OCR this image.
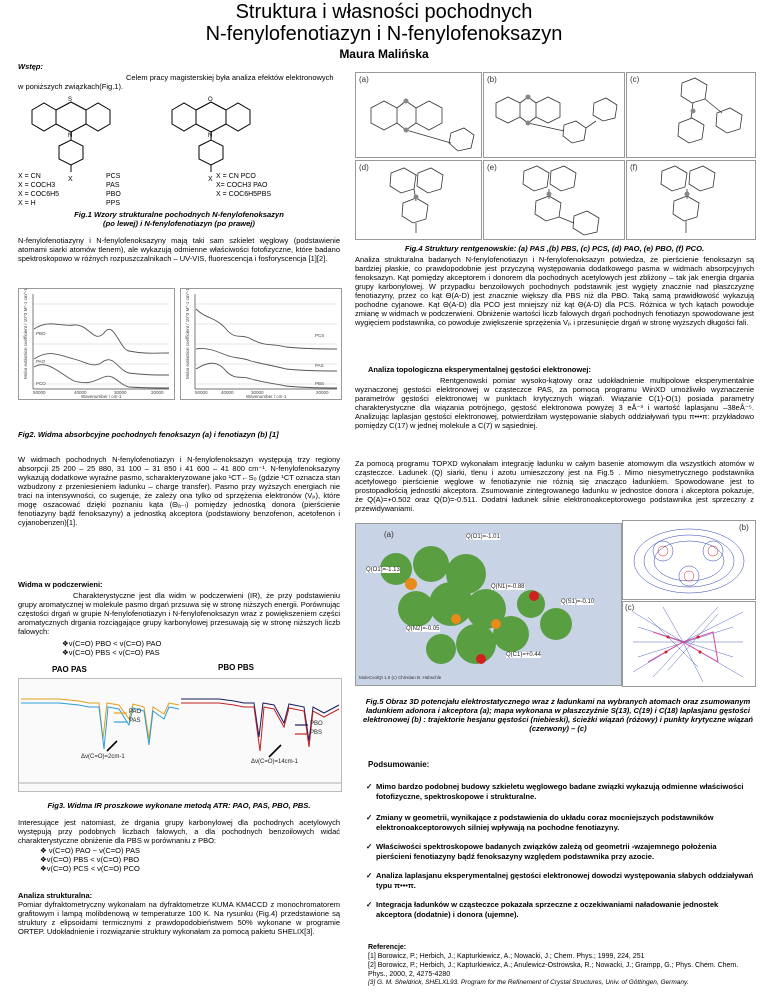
Struktura i własności pochodnych
N-fenylofenotiazyn i N-fenylofenoksazyn
Maura Malińska
Wstęp:
Celem pracy magisterskiej była analiza efektów elektronowych w poniższych związkach(Fig.1).
S
N
O
N
X	X
X = CN
X = COCH3
X = COC6H5
X = H
PCS
PAS
PBO
PPS
X = CN PCO
X= COCH3 PAO
X = COC6H5PBS
Fig.1 Wzory strukturalne pochodnych N-fenylofenoksazyn
(po lewej) i N-fenylofenotiazyn (po prawej)
N-fenylofenotiazyny i N-fenylofenoksazyny mają taki sam szkielet węglowy (podstawienie atomami siarki atomów tlenem), ale wykazują odmienne właściwości fotofizyczne, które badano spektroskopowo w różnych rozpuszczalnikach – UV-VIS, fluorescencja i fosforyscencja [1][2].
PBO
PAO
PCO
50000	40000	30000	20000
Wavenumber / cm-1
Molar extinction coefficient / 10^3 M^-1 cm^-1	PCS
PAS
PBS
50000	40000	30000	20000
Wavenumber / cm-1
Molar extinction coefficient / 10^3 M^-1 cm^-1
Fig2. Widma absorbcyjne pochodnych fenoksazyn (a) i fenotiazyn (b) [1]
W widmach pochodnych N-fenylofenotiazyn i N-fenylofenoksazyn występują trzy regiony absorpcji 25 200 – 25 880, 31 100 – 31 850 i 41 600 – 41 800 cm⁻¹. N-fenylofenoksazyny wykazują dodatkowe wyraźne pasmo, scharakteryzowane jako ¹CT←S₀ (gdzie ¹CT oznacza stan wzbudzony z przeniesieniem ładunku – charge transfer). Pasmo przy wyższych energiach nie traci na intensywności, co sugeruje, że zależy ona tylko od sprzężenia elektronów (Vₚ), które mogę oszacować dzięki poznaniu kąta (Θₐ₋ₗ) pomiędzy jednostką donora (pierścienie fenotiazyny bądź fenoksazyny) a jednostką akceptora (podstawiony benzofenon, acetofenon i cyjanobenzen)[1].
Widma w podczerwieni:
Charakterystyczne jest dla widm w podczerwieni (IR), że przy podstawieniu grupy aromatycznej w molekule pasmo drgań przsuwa się w stronę niższych energii. Porównując częstości drgań w grupie N-fenylofenotiazyn i N-fenylofenoksazyn wraz z powiększeniem części aromatycznych drgania rozciągające grupy karbonylowej przesuwają się w stronę niższych liczb falowych:
❖ν(C=O) PBO < ν(C=O) PAO
❖ν(C=O) PBS < ν(C=O) PAS
PAO PAS	PBO PBS
PAO
PAS	PBO
PBS
Δν(C=O)=2cm-1
Δν(C=O)=14cm-1
Fig3. Widma IR proszkowe wykonane metodą ATR: PAO, PAS, PBO, PBS.
Interesujące jest natomiast, że drgania grupy karbonylowej dla pochodnych acetylowych występują przy podobnych liczbach falowych, a dla pochodnych benzoilowych widać charakterystyczne obniżenie dla PBS w porównaniu z PBO:
❖ ν(C=O) PAO ~ ν(C=O) PAS
❖ν(C=O) PBS < ν(C=O) PBO
❖ν(C=O) PCS < ν(C=O) PCO
Analiza strukturalna:
Pomiar dyfraktometryczny wykonałam na dyfraktometrze KUMA KM4CCD z monochromatorem grafitowym i lampą molibdenową w temperaturze 100 K. Na rysunku (Fig.4) przedstawione są struktury z elipsoidami termicznymi z prawdopodobieństwem 50% wykonane w programie ORTEP. Udokładnienie i rozwiązanie struktury wykonałam za pomocą pakietu SHELIX[3].
(a)	(b)	(c)
(d)	(e)	(f)
Fig.4 Struktury rentgenowskie: (a) PAS ,(b) PBS, (c) PCS, (d) PAO, (e) PBO, (f) PCO.
Analiza strukturalna badanych N-fenylofenotiazyn i N-fenylofenoksazyn potwiedza, że pierścienie fenoksazyn są bardziej płaskie, co prawdopodobnie jest przyczyną występowania dodatkowego pasma w widmach absorpcyjnych fenoksazyn. Kąt pomiędzy akceptorem i donorem dla pochodnych acetylowych jest zbliżony – tak jak energia drgania grupy karbonylowej. W przypadku benzoilowych pochodnych podstawnik jest wygięty znacznie nad płaszczyznę fenotiazyny, przez co kąt Θ(A-D) jest znacznie większy dla PBS niż dla PBO. Taką samą prawidłowość wykazują pochodne cyjanowe. Kąt Θ(A-D) dla PCO jest mniejszy niż kąt Θ(A-D) dla PCS. Różnica w tych kątach powoduje zmianę w widmach w podczerwieni. Obniżenie wartości liczb falowych drgań pochodnych fenotiazyn spowodowane jest wygięciem podstawnika, co powoduje zwiększenie sprzężenia Vₚ i przesunięcie drgań w stronę wyższych długości fali.
Analiza topologiczna eksperymentalnej gęstości elektronowej:
Rentgenowski pomiar wysoko-kątowy oraz udokładnienie multipolowe eksperymentalnie wyznaczonej gęstości elektronowej w cząsteczce PAS, za pomocą programu WinXD umożliwiło wyznaczenie parametrów gęstości elektronowej w punktach krytycznych wiązań. Wiązanie C(1)-O(1) posiada parametry charakterystyczne dla wiązania potrójnego, gęstość elektronowa powyżej 3 eÅ⁻³ i wartość laplasjanu –38eÅ⁻⁵. Analizując laplasjan gęstości elektronowej, potwierdziłam występowanie słabych oddziaływań typu π•••π: przykładowo pomiędzy C(17) w jednej molekule a C(7) w sąsiedniej.
Za pomocą programu TOPXD wykonałam integrację ładunku w całym basenie atomowym dla wszystkich atomów w cząsteczce. Ładunek (Q) siarki, tlenu i azotu umieszczony jest na Fig.5 . Mimo niesymetrycznego podstawnika acetylowego pierścienie węglowe w fenotiazynie nie różnią się znacząco ładunkiem. Spowodowane jest to prostopadłością jednostki akceptora. Zsumowanie zintegrowanego ładunku w jednostce donora i akceptora pokazuje, że Q(A)=+0.502 oraz Q(D)=-0.511. Dodatni ładunek silnie elektronoakceptorowego podstawnika jest sprzeczny z przewidywaniami.
(a)	Q(O1)=-1.01
Q(O1)=-1.13
Q(N1)=-0.88
Q(S1)=-0.10
Q(N2)=-0.05
Q(C1)=+0.44
MoleCoolQt 1.0 (c) Christian B. Hübschle
(b)
(c)
Fig.5 Obraz 3D potencjału elektrostatycznego wraz z ładunkami na wybranych atomach oraz zsumowanym ładunkiem adonora i akceptora (a); mapa wykonana w płaszczyźnie S(13), C(19) i C(18) laplasjanu gęstości elektronowej (b) : trajektorie hesjanu gęstości (niebieski), ścieżki wiązań (różowy) i punkty krytyczne wiązań (czerwony) – (c)
Podsumowanie:
✓ Mimo bardzo podobnej budowy szkieletu węglowego badane związki wykazują odmienne właściwości fotofizyczne, spektroskopowe i strukturalne.
✓ Zmiany w geometrii, wynikające z podstawienia do układu coraz mocniejszych podstawników elektronoakceptorowych silniej wpływają na pochodne fenotiazyny.
✓ Właściwości spektroskopowe badanych związków zależą od geometrii -wzajemnego położenia pierścieni fenotiazyny bądź fenoksazyny względem podstawnika przy azocie.
✓ Analiza laplasjanu eksperymentalnej gęstości elektronowej dowodzi występowania słabych oddziaływań typu π•••π.
✓ Integracja ładunków w cząsteczce pokazała sprzeczne z oczekiwaniami naładowanie jednostek akceptora (dodatnie) i donora (ujemne).
Referencje:
[1] Borowicz, P.; Herbich, J.; Kapturkiewicz, A.; Nowacki, J.; Chem. Phys.; 1999, 224, 251
[2] Borowicz, P.; Herbich, J.; Kapturkiewicz, A.; Anulewicz-Ostrowska, R.; Nowacki, J.; Grampp, G.; Phys. Chem. Chem. Phys., 2000, 2, 4275-4280
[3] G. M. Sheldrick, SHELXL93. Program for the Refinement of Crystal Structures, Univ. of Göttingen, Germany.
